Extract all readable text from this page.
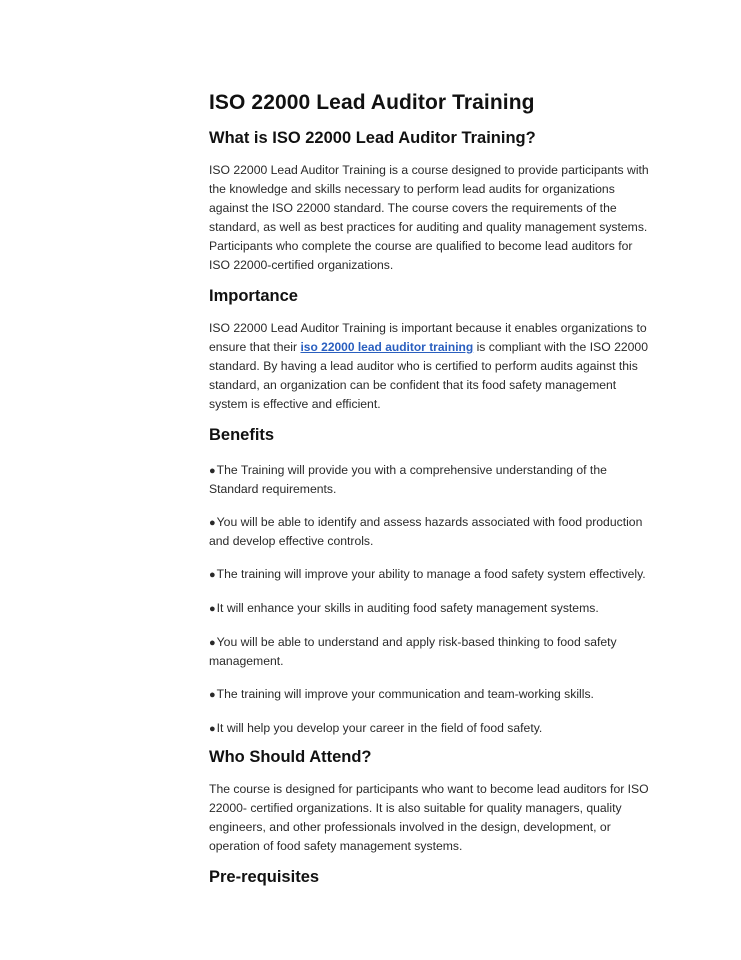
ISO 22000 Lead Auditor Training
What is ISO 22000 Lead Auditor Training?

ISO 22000 Lead Auditor Training is a course designed to provide participants with the knowledge and skills necessary to perform lead audits for organizations against the ISO 22000 standard. The course covers the requirements of the standard, as well as best practices for auditing and quality management systems. Participants who complete the course are qualified to become lead auditors for ISO 22000-certified organizations.

Importance

ISO 22000 Lead Auditor Training is important because it enables organizations to ensure that their iso 22000 lead auditor training is compliant with the ISO 22000 standard. By having a lead auditor who is certified to perform audits against this standard, an organization can be confident that its food safety management system is effective and efficient.

Benefits
●The Training will provide you with a comprehensive understanding of the Standard requirements.
●You will be able to identify and assess hazards associated with food production and develop effective controls.
●The training will improve your ability to manage a food safety system effectively.
●It will enhance your skills in auditing food safety management systems.
●You will be able to understand and apply risk-based thinking to food safety management.
●The training will improve your communication and team-working skills.
●It will help you develop your career in the field of food safety.
Who Should Attend?

The course is designed for participants who want to become lead auditors for ISO 22000- certified organizations. It is also suitable for quality managers, quality engineers, and other professionals involved in the design, development, or operation of food safety management systems.

Pre-requisites
